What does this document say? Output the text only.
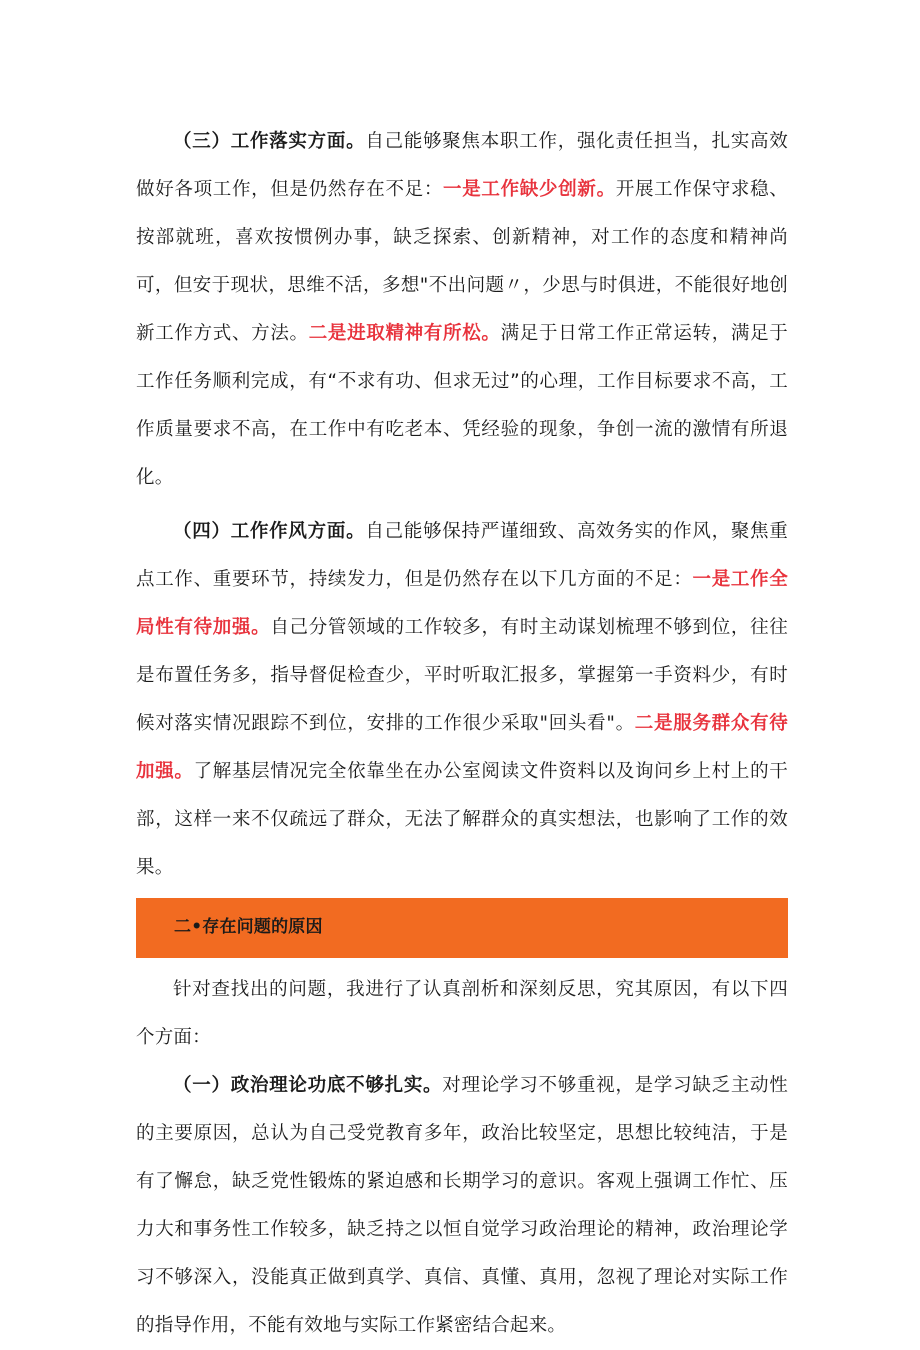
（三）工作落实方面。自己能够聚焦本职工作，强化责任担当，扎实高效做好各项工作，但是仍然存在不足：一是工作缺少创新。开展工作保守求稳、按部就班，喜欢按惯例办事，缺乏探索、创新精神，对工作的态度和精神尚可，但安于现状，思维不活，多想"不出问题〃，少思与时俱进，不能很好地创新工作方式、方法。二是进取精神有所松。满足于日常工作正常运转，满足于工作任务顺利完成，有“不求有功、但求无过”的心理，工作目标要求不高，工作质量要求不高，在工作中有吃老本、凭经验的现象，争创一流的激情有所退化。

（四）工作作风方面。自己能够保持严谨细致、高效务实的作风，聚焦重点工作、重要环节，持续发力，但是仍然存在以下几方面的不足：一是工作全局性有待加强。自己分管领域的工作较多，有时主动谋划梳理不够到位，往往是布置任务多，指导督促检查少，平时听取汇报多，掌握第一手资料少，有时候对落实情况跟踪不到位，安排的工作很少采取"回头看"。二是服务群众有待加强。了解基层情况完全依靠坐在办公室阅读文件资料以及询问乡上村上的干部，这样一来不仅疏远了群众，无法了解群众的真实想法，也影响了工作的效果。

二•存在问题的原因

针对查找出的问题，我进行了认真剖析和深刻反思，究其原因，有以下四个方面：

（一）政治理论功底不够扎实。对理论学习不够重视，是学习缺乏主动性的主要原因，总认为自己受党教育多年，政治比较坚定，思想比较纯洁，于是有了懈怠，缺乏党性锻炼的紧迫感和长期学习的意识。客观上强调工作忙、压力大和事务性工作较多，缺乏持之以恒自觉学习政治理论的精神，政治理论学习不够深入，没能真正做到真学、真信、真懂、真用，忽视了理论对实际工作的指导作用，不能有效地与实际工作紧密结合起来。
